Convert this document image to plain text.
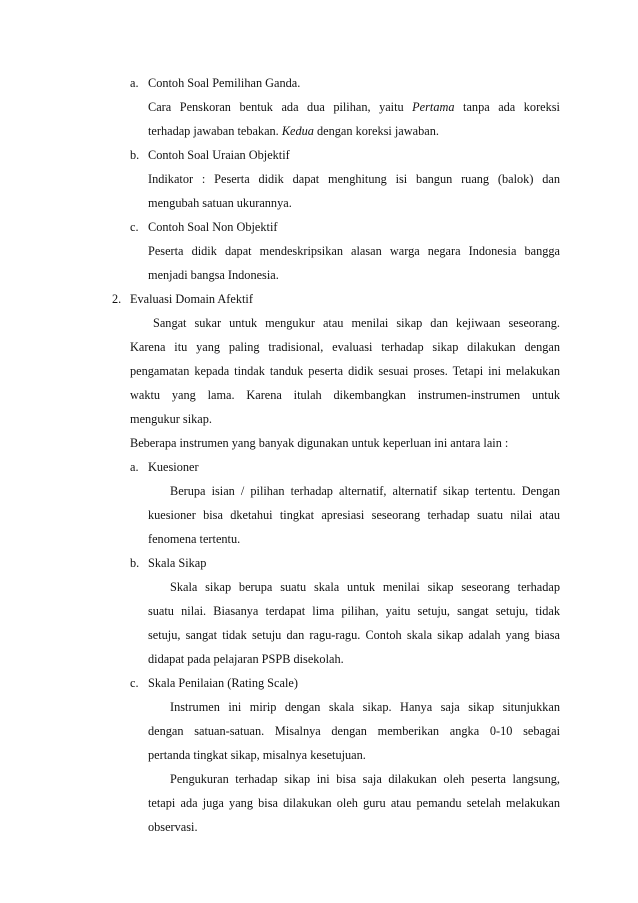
a. Contoh Soal Pemilihan Ganda.
Cara Penskoran bentuk ada dua pilihan, yaitu Pertama tanpa ada koreksi
terhadap jawaban tebakan. Kedua dengan koreksi jawaban.
b. Contoh Soal Uraian Objektif
Indikator : Peserta didik dapat menghitung isi bangun ruang (balok) dan
mengubah satuan ukurannya.
c. Contoh Soal Non Objektif
Peserta didik dapat mendeskripsikan alasan warga negara Indonesia bangga
menjadi bangsa Indonesia.
2. Evaluasi Domain Afektif
Sangat sukar untuk mengukur atau menilai sikap dan kejiwaan seseorang.
Karena itu yang paling tradisional, evaluasi terhadap sikap dilakukan dengan
pengamatan kepada tindak tanduk peserta didik sesuai proses. Tetapi ini melakukan
waktu yang lama. Karena itulah dikembangkan instrumen-instrumen untuk
mengukur sikap.
Beberapa instrumen yang banyak digunakan untuk keperluan ini antara lain :
a. Kuesioner
Berupa isian / pilihan terhadap alternatif, alternatif sikap tertentu. Dengan
kuesioner bisa dketahui tingkat apresiasi seseorang terhadap suatu nilai atau
fenomena tertentu.
b. Skala Sikap
Skala sikap berupa suatu skala untuk menilai sikap seseorang terhadap
suatu nilai. Biasanya terdapat lima pilihan, yaitu setuju, sangat setuju, tidak
setuju, sangat tidak setuju dan ragu-ragu. Contoh skala sikap adalah yang biasa
didapat pada pelajaran PSPB disekolah.
c. Skala Penilaian (Rating Scale)
Instrumen ini mirip dengan skala sikap. Hanya saja sikap situnjukkan
dengan satuan-satuan. Misalnya dengan memberikan angka 0-10 sebagai
pertanda tingkat sikap, misalnya kesetujuan.
Pengukuran terhadap sikap ini bisa saja dilakukan oleh peserta langsung,
tetapi ada juga yang bisa dilakukan oleh guru atau pemandu setelah melakukan
observasi.
